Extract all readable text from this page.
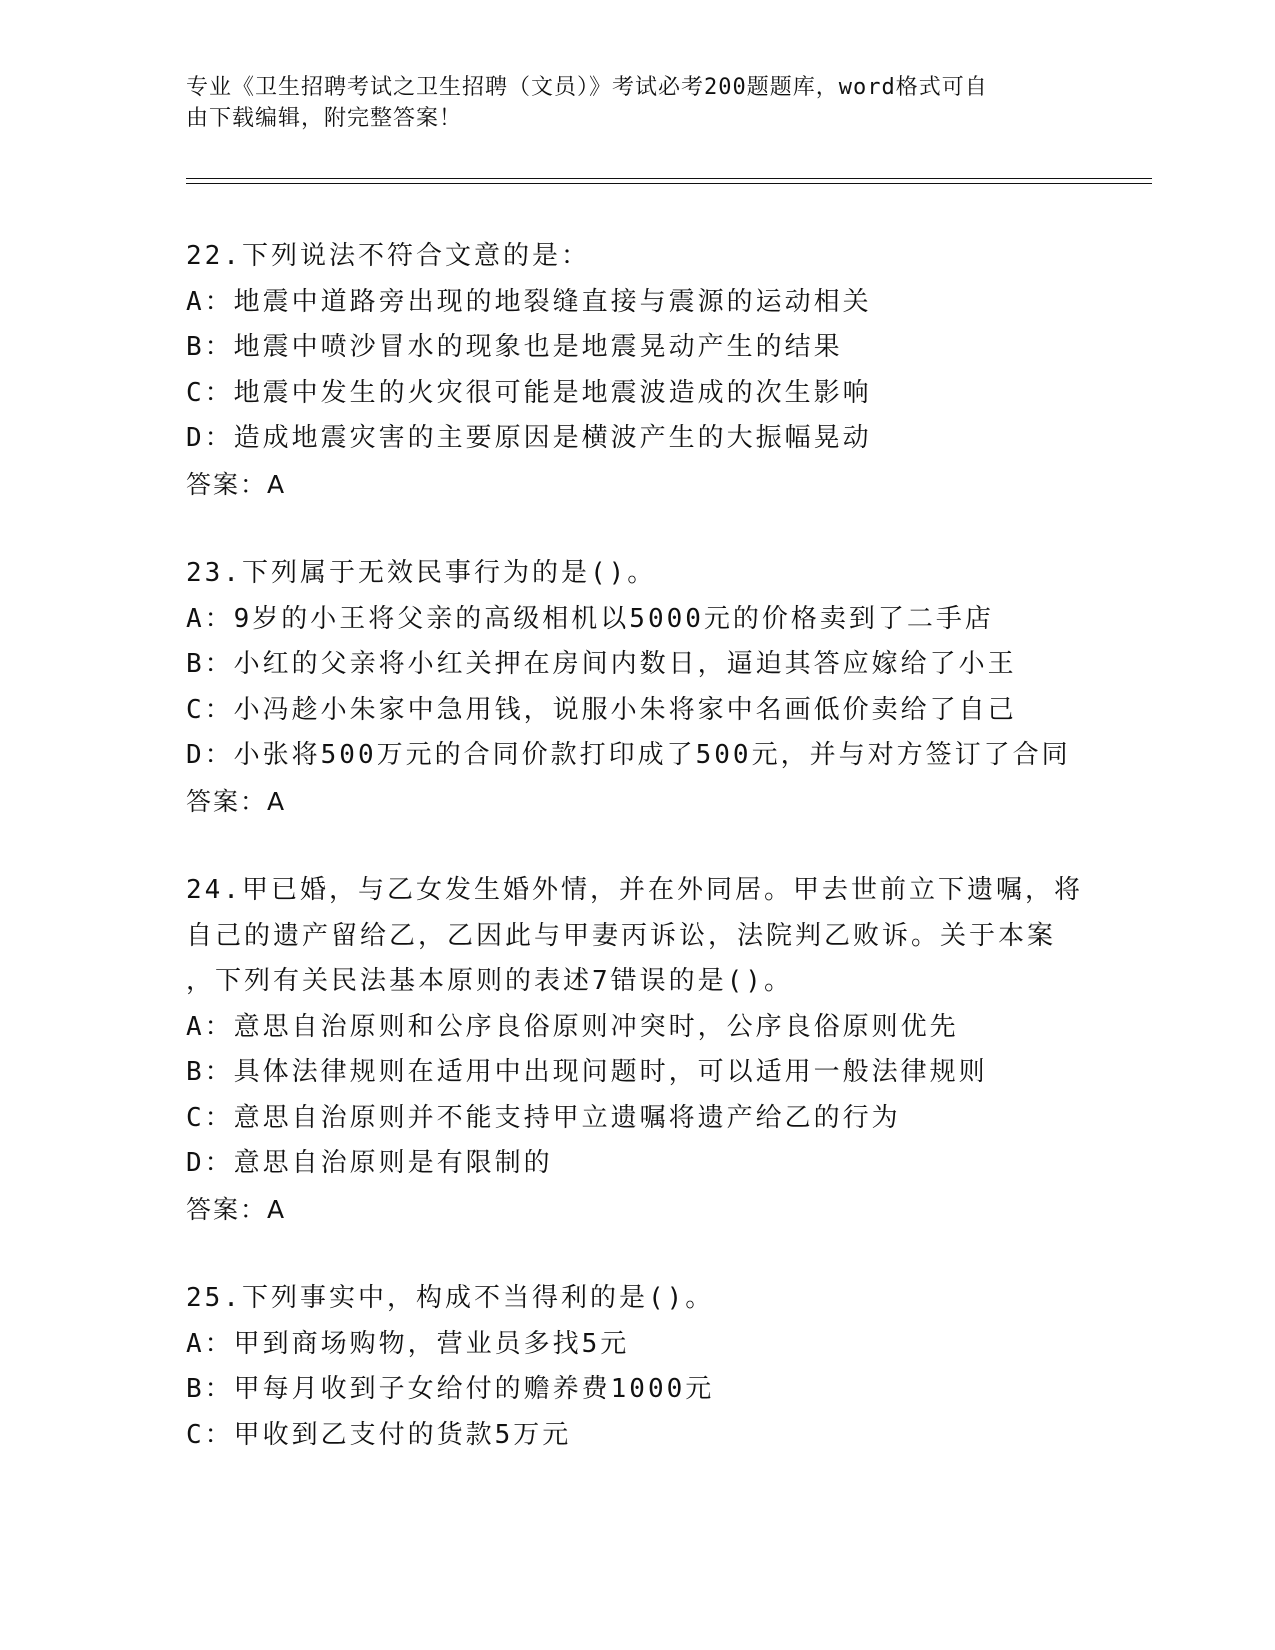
专业《卫生招聘考试之卫生招聘（文员）》考试必考200题题库，word格式可自
由下载编辑，附完整答案！
22.下列说法不符合文意的是：
A：地震中道路旁出现的地裂缝直接与震源的运动相关
B：地震中喷沙冒水的现象也是地震晃动产生的结果
C：地震中发生的火灾很可能是地震波造成的次生影响
D：造成地震灾害的主要原因是横波产生的大振幅晃动
答案：A
23.下列属于无效民事行为的是()。
A：9岁的小王将父亲的高级相机以5000元的价格卖到了二手店
B：小红的父亲将小红关押在房间内数日，逼迫其答应嫁给了小王
C：小冯趁小朱家中急用钱，说服小朱将家中名画低价卖给了自己
D：小张将500万元的合同价款打印成了500元，并与对方签订了合同
答案：A
24.甲已婚，与乙女发生婚外情，并在外同居。甲去世前立下遗嘱，将
自己的遗产留给乙，乙因此与甲妻丙诉讼，法院判乙败诉。关于本案
，下列有关民法基本原则的表述7错误的是()。
A：意思自治原则和公序良俗原则冲突时，公序良俗原则优先
B：具体法律规则在适用中出现问题时，可以适用一般法律规则
C：意思自治原则并不能支持甲立遗嘱将遗产给乙的行为
D：意思自治原则是有限制的
答案：A
25.下列事实中，构成不当得利的是()。
A：甲到商场购物，营业员多找5元
B：甲每月收到子女给付的赡养费1000元
C：甲收到乙支付的货款5万元
